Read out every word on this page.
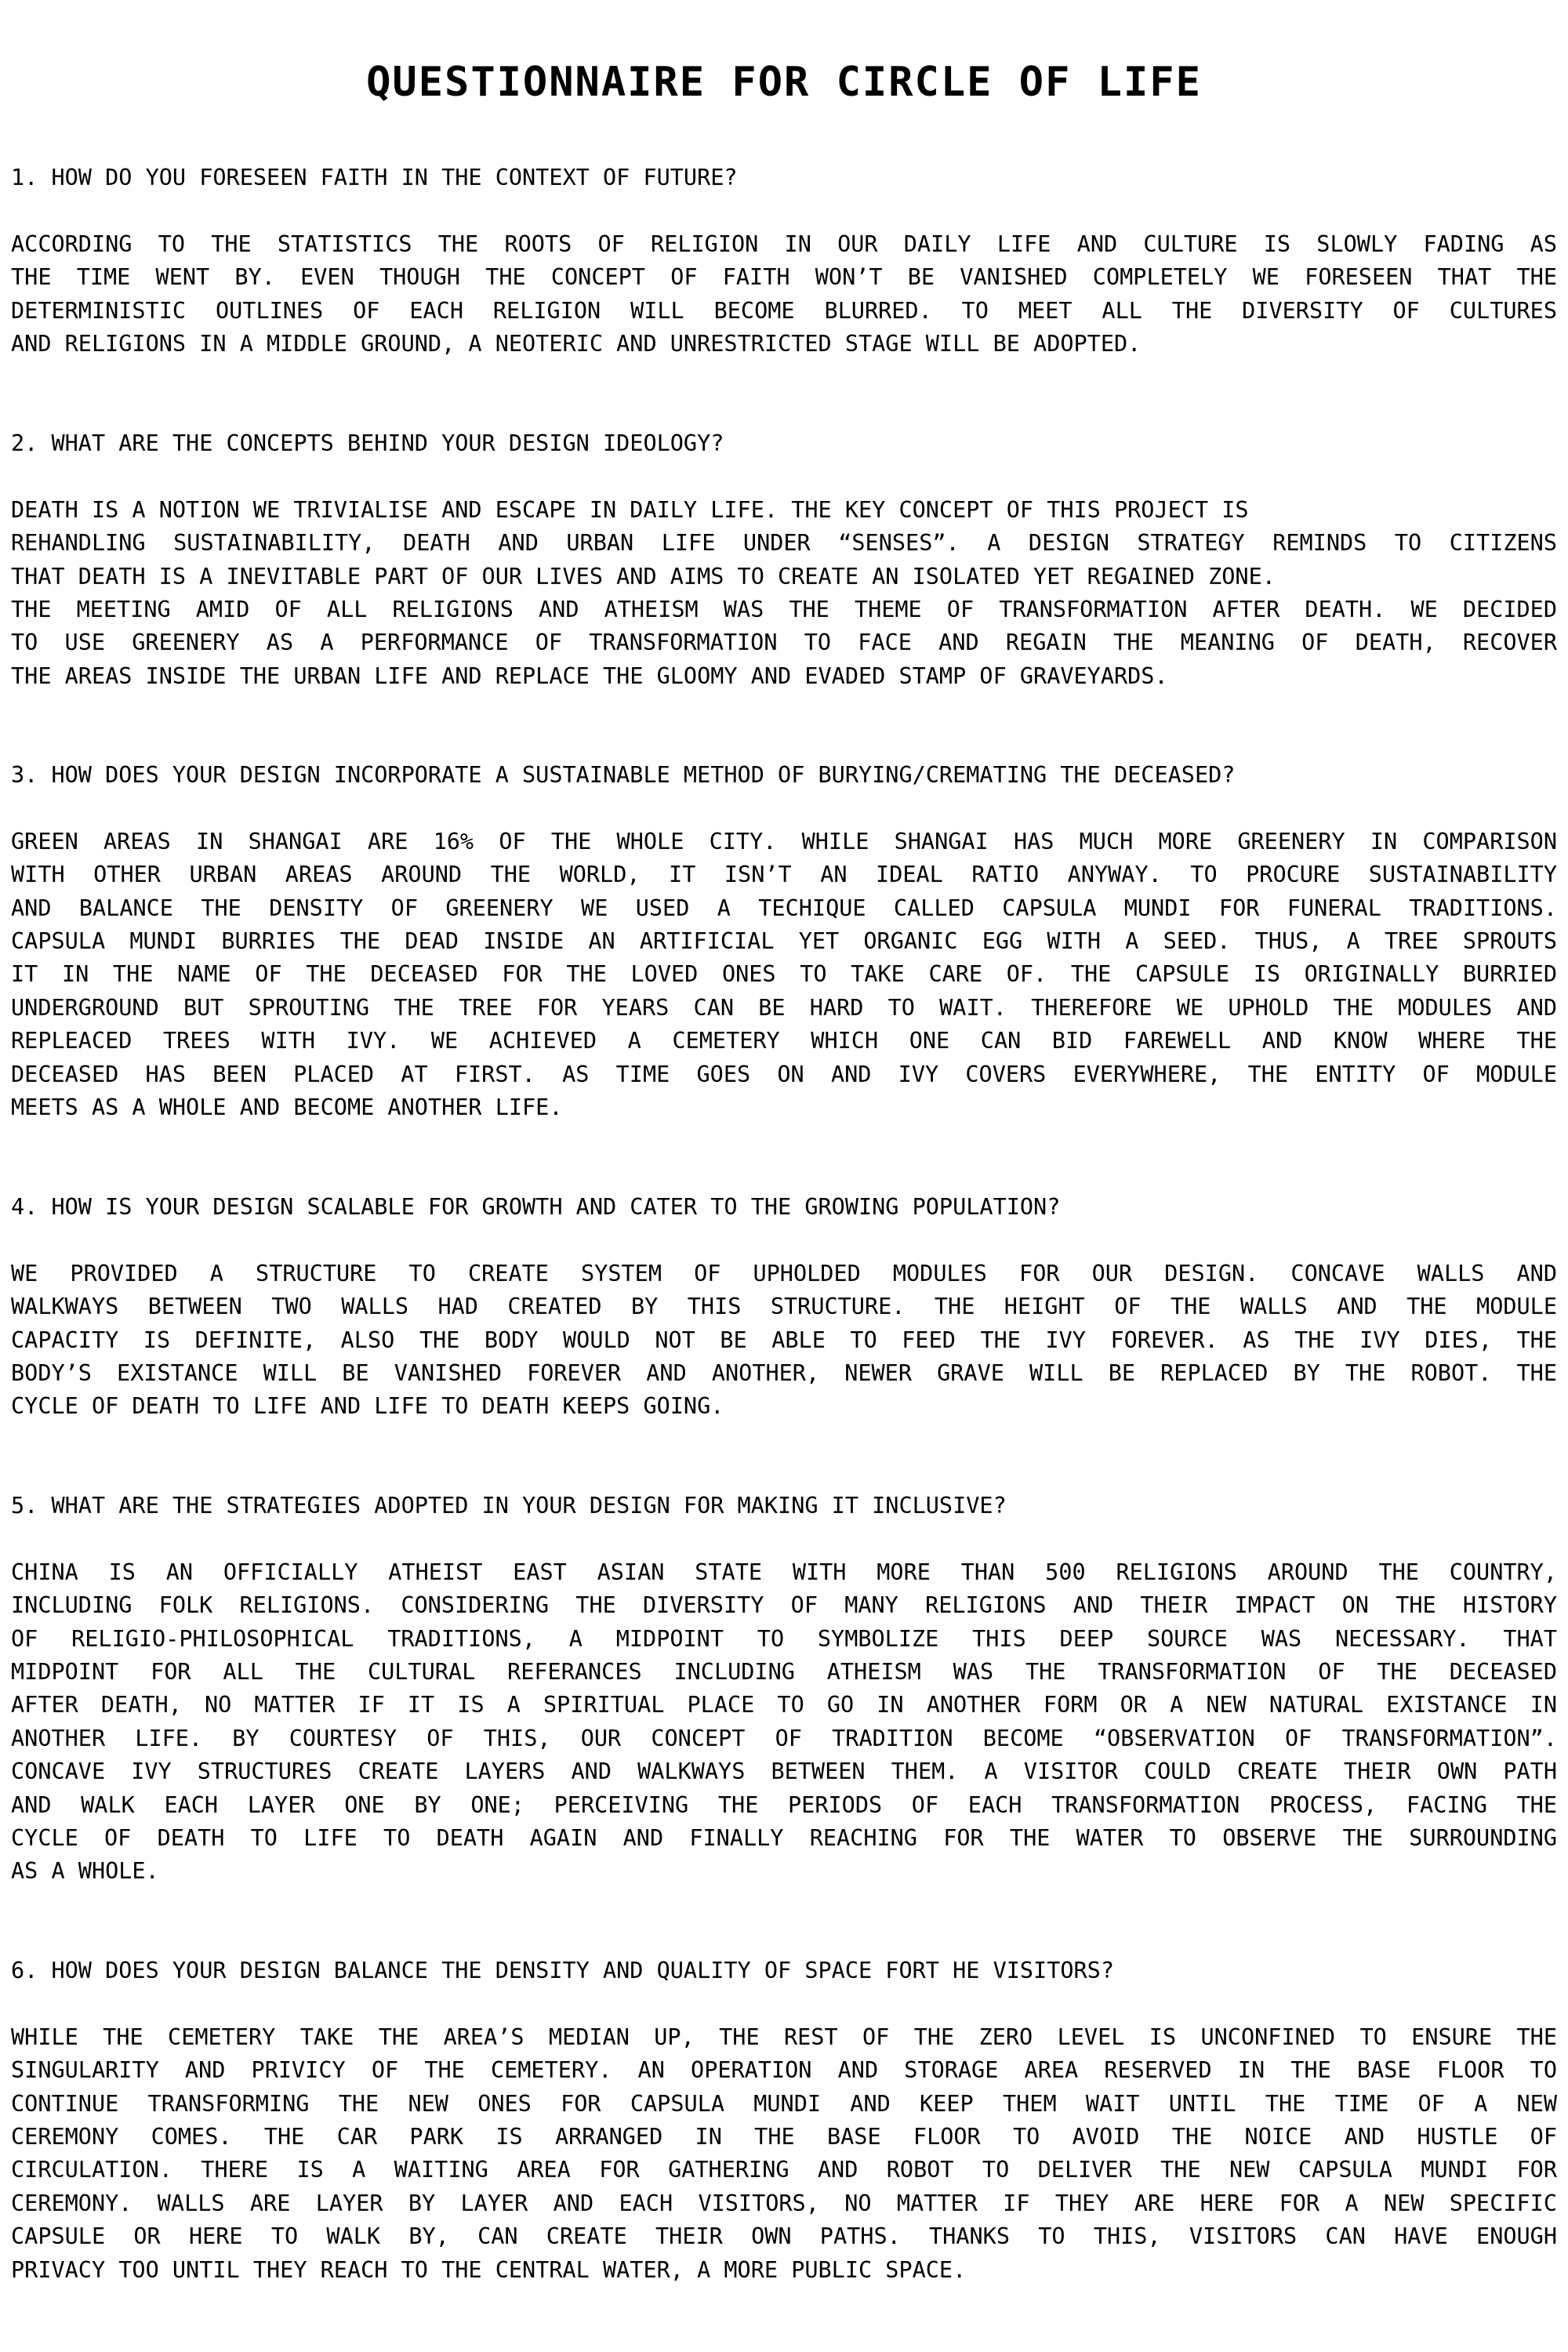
QUESTIONNAIRE FOR CIRCLE OF LIFE

1. HOW DO YOU FORESEEN FAITH IN THE CONTEXT OF FUTURE?

ACCORDING TO THE STATISTICS THE ROOTS OF RELIGION IN OUR DAILY LIFE AND CULTURE IS SLOWLY FADING AS
THE TIME WENT BY. EVEN THOUGH THE CONCEPT OF FAITH WON’T BE VANISHED COMPLETELY WE FORESEEN THAT THE
DETERMINISTIC OUTLINES OF EACH RELIGION WILL BECOME BLURRED. TO MEET ALL THE DIVERSITY OF CULTURES
AND RELIGIONS IN A MIDDLE GROUND, A NEOTERIC AND UNRESTRICTED STAGE WILL BE ADOPTED.

2. WHAT ARE THE CONCEPTS BEHIND YOUR DESIGN IDEOLOGY?

DEATH IS A NOTION WE TRIVIALISE AND ESCAPE IN DAILY LIFE. THE KEY CONCEPT OF THIS PROJECT IS
REHANDLING SUSTAINABILITY, DEATH AND URBAN LIFE UNDER “SENSES”. A DESIGN STRATEGY REMINDS TO CITIZENS
THAT DEATH IS A INEVITABLE PART OF OUR LIVES AND AIMS TO CREATE AN ISOLATED YET REGAINED ZONE.
THE MEETING AMID OF ALL RELIGIONS AND ATHEISM WAS THE THEME OF TRANSFORMATION AFTER DEATH. WE DECIDED
TO USE GREENERY AS A PERFORMANCE OF TRANSFORMATION TO FACE AND REGAIN THE MEANING OF DEATH, RECOVER
THE AREAS INSIDE THE URBAN LIFE AND REPLACE THE GLOOMY AND EVADED STAMP OF GRAVEYARDS.

3. HOW DOES YOUR DESIGN INCORPORATE A SUSTAINABLE METHOD OF BURYING/CREMATING THE DECEASED?

GREEN AREAS IN SHANGAI ARE 16% OF THE WHOLE CITY. WHILE SHANGAI HAS MUCH MORE GREENERY IN COMPARISON
WITH OTHER URBAN AREAS AROUND THE WORLD, IT ISN’T AN IDEAL RATIO ANYWAY. TO PROCURE SUSTAINABILITY
AND BALANCE THE DENSITY OF GREENERY WE USED A TECHIQUE CALLED CAPSULA MUNDI FOR FUNERAL TRADITIONS.
CAPSULA MUNDI BURRIES THE DEAD INSIDE AN ARTIFICIAL YET ORGANIC EGG WITH A SEED. THUS, A TREE SPROUTS
IT IN THE NAME OF THE DECEASED FOR THE LOVED ONES TO TAKE CARE OF. THE CAPSULE IS ORIGINALLY BURRIED
UNDERGROUND BUT SPROUTING THE TREE FOR YEARS CAN BE HARD TO WAIT. THEREFORE WE UPHOLD THE MODULES AND
REPLEACED TREES WITH IVY. WE ACHIEVED A CEMETERY WHICH ONE CAN BID FAREWELL AND KNOW WHERE THE
DECEASED HAS BEEN PLACED AT FIRST. AS TIME GOES ON AND IVY COVERS EVERYWHERE, THE ENTITY OF MODULE
MEETS AS A WHOLE AND BECOME ANOTHER LIFE.

4. HOW IS YOUR DESIGN SCALABLE FOR GROWTH AND CATER TO THE GROWING POPULATION?

WE PROVIDED A STRUCTURE TO CREATE SYSTEM OF UPHOLDED MODULES FOR OUR DESIGN. CONCAVE WALLS AND
WALKWAYS BETWEEN TWO WALLS HAD CREATED BY THIS STRUCTURE. THE HEIGHT OF THE WALLS AND THE MODULE
CAPACITY IS DEFINITE, ALSO THE BODY WOULD NOT BE ABLE TO FEED THE IVY FOREVER. AS THE IVY DIES, THE
BODY’S EXISTANCE WILL BE VANISHED FOREVER AND ANOTHER, NEWER GRAVE WILL BE REPLACED BY THE ROBOT. THE
CYCLE OF DEATH TO LIFE AND LIFE TO DEATH KEEPS GOING.

5. WHAT ARE THE STRATEGIES ADOPTED IN YOUR DESIGN FOR MAKING IT INCLUSIVE?

CHINA IS AN OFFICIALLY ATHEIST EAST ASIAN STATE WITH MORE THAN 500 RELIGIONS AROUND THE COUNTRY,
INCLUDING FOLK RELIGIONS. CONSIDERING THE DIVERSITY OF MANY RELIGIONS AND THEIR IMPACT ON THE HISTORY
OF RELIGIO-PHILOSOPHICAL TRADITIONS, A MIDPOINT TO SYMBOLIZE THIS DEEP SOURCE WAS NECESSARY. THAT
MIDPOINT FOR ALL THE CULTURAL REFERANCES INCLUDING ATHEISM WAS THE TRANSFORMATION OF THE DECEASED
AFTER DEATH, NO MATTER IF IT IS A SPIRITUAL PLACE TO GO IN ANOTHER FORM OR A NEW NATURAL EXISTANCE IN
ANOTHER LIFE. BY COURTESY OF THIS, OUR CONCEPT OF TRADITION BECOME “OBSERVATION OF TRANSFORMATION”.
CONCAVE IVY STRUCTURES CREATE LAYERS AND WALKWAYS BETWEEN THEM. A VISITOR COULD CREATE THEIR OWN PATH
AND WALK EACH LAYER ONE BY ONE; PERCEIVING THE PERIODS OF EACH TRANSFORMATION PROCESS, FACING THE
CYCLE OF DEATH TO LIFE TO DEATH AGAIN AND FINALLY REACHING FOR THE WATER TO OBSERVE THE SURROUNDING
AS A WHOLE.

6. HOW DOES YOUR DESIGN BALANCE THE DENSITY AND QUALITY OF SPACE FORT HE VISITORS?

WHILE THE CEMETERY TAKE THE AREA’S MEDIAN UP, THE REST OF THE ZERO LEVEL IS UNCONFINED TO ENSURE THE
SINGULARITY AND PRIVICY OF THE CEMETERY. AN OPERATION AND STORAGE AREA RESERVED IN THE BASE FLOOR TO
CONTINUE TRANSFORMING THE NEW ONES FOR CAPSULA MUNDI AND KEEP THEM WAIT UNTIL THE TIME OF A NEW
CEREMONY COMES. THE CAR PARK IS ARRANGED IN THE BASE FLOOR TO AVOID THE NOICE AND HUSTLE OF
CIRCULATION. THERE IS A WAITING AREA FOR GATHERING AND ROBOT TO DELIVER THE NEW CAPSULA MUNDI FOR
CEREMONY. WALLS ARE LAYER BY LAYER AND EACH VISITORS, NO MATTER IF THEY ARE HERE FOR A NEW SPECIFIC
CAPSULE OR HERE TO WALK BY, CAN CREATE THEIR OWN PATHS. THANKS TO THIS, VISITORS CAN HAVE ENOUGH
PRIVACY TOO UNTIL THEY REACH TO THE CENTRAL WATER, A MORE PUBLIC SPACE.
